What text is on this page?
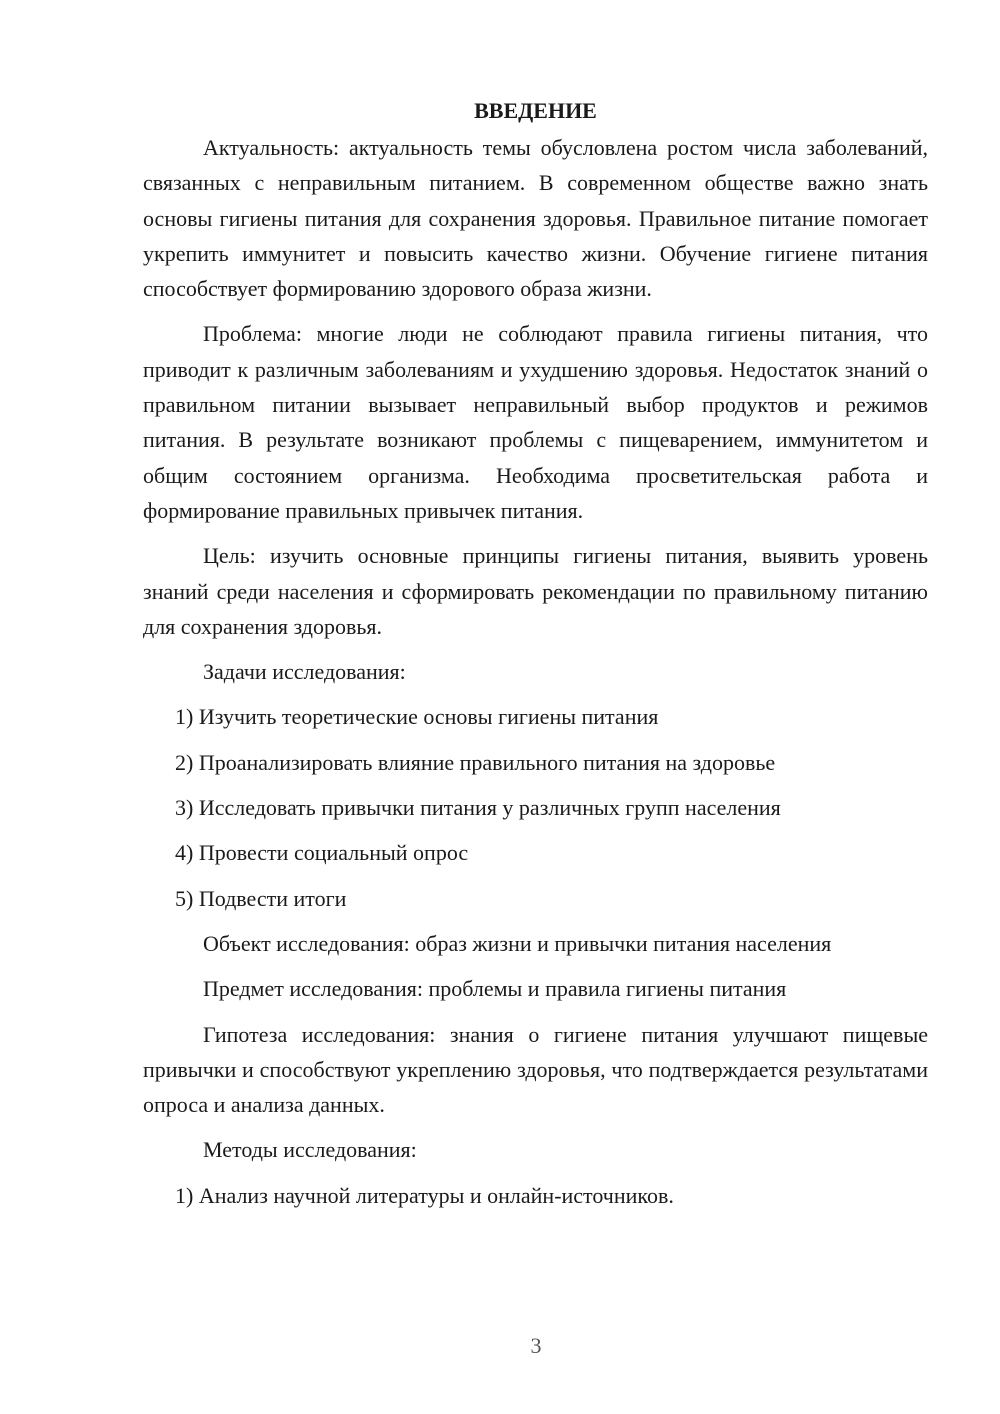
ВВЕДЕНИЕ

Актуальность: актуальность темы обусловлена ростом числа заболеваний, связанных с неправильным питанием. В современном обществе важно знать основы гигиены питания для сохранения здоровья. Правильное питание помогает укрепить иммунитет и повысить качество жизни. Обучение гигиене питания способствует формированию здорового образа жизни.

Проблема: многие люди не соблюдают правила гигиены питания, что приводит к различным заболеваниям и ухудшению здоровья. Недостаток знаний о правильном питании вызывает неправильный выбор продуктов и режимов питания. В результате возникают проблемы с пищеварением, иммунитетом и общим состоянием организма. Необходима просветительская работа и формирование правильных привычек питания.

Цель: изучить основные принципы гигиены питания, выявить уровень знаний среди населения и сформировать рекомендации по правильному питанию для сохранения здоровья.

Задачи исследования:

1) Изучить теоретические основы гигиены питания

2) Проанализировать влияние правильного питания на здоровье

3) Исследовать привычки питания у различных групп населения

4) Провести социальный опрос

5) Подвести итоги

Объект исследования: образ жизни и привычки питания населения

Предмет исследования: проблемы и правила гигиены питания

Гипотеза исследования: знания о гигиене питания улучшают пищевые привычки и способствуют укреплению здоровья, что подтверждается результатами опроса и анализа данных.

Методы исследования:

1) Анализ научной литературы и онлайн-источников.

3
